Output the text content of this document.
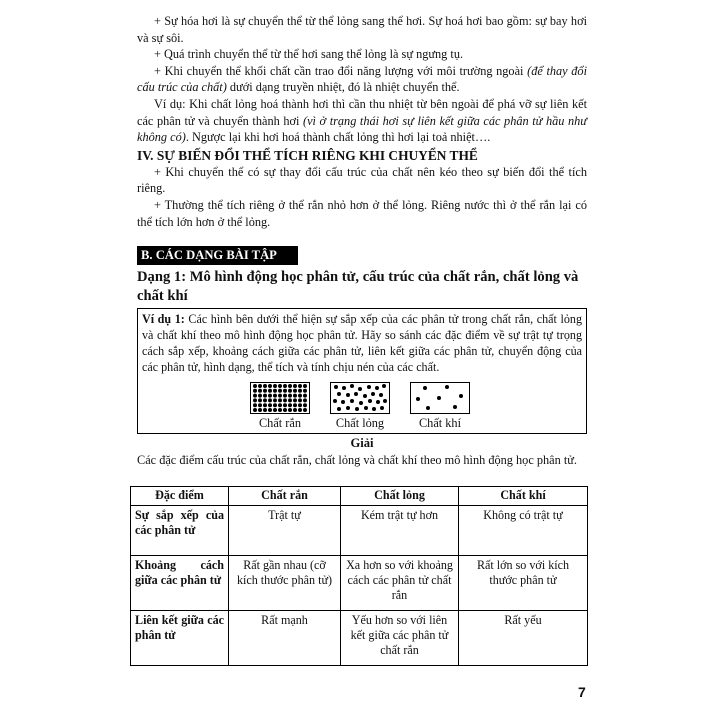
+ Sự hóa hơi là sự chuyển thể từ thể lỏng sang thể hơi. Sự hoá hơi bao gồm: sự bay hơi và sự sôi.

+ Quá trình chuyển thể từ thể hơi sang thể lỏng là sự ngưng tụ.

+ Khi chuyển thể khối chất cần trao đổi năng lượng với môi trường ngoài (để thay đổi cấu trúc của chất) dưới dạng truyền nhiệt, đó là nhiệt chuyển thể.

Ví dụ: Khi chất lỏng hoá thành hơi thì cần thu nhiệt từ bên ngoài để phá vỡ sự liên kết các phân tử và chuyển thành hơi (vì ở trạng thái hơi sự liên kết giữa các phân tử hầu như không có). Ngược lại khi hơi hoá thành chất lỏng thì hơi lại toả nhiệt….

IV. SỰ BIẾN ĐỔI THỂ TÍCH RIÊNG KHI CHUYỂN THỂ

+ Khi chuyển thể có sự thay đổi cấu trúc của chất nên kéo theo sự biến đổi thể tích riêng.

+ Thường thể tích riêng ở thể rắn nhỏ hơn ở thể lỏng. Riêng nước thì ở thể rắn lại có thể tích lớn hơn ở thể lỏng.

B. CÁC DẠNG BÀI TẬP
Dạng 1: Mô hình động học phân tử, cấu trúc của chất rắn, chất lỏng và chất khí

Ví dụ 1: Các hình bên dưới thể hiện sự sắp xếp của các phân tử trong chất rắn, chất lỏng và chất khí theo mô hình động học phân tử. Hãy so sánh các đặc điểm về sự trật tự trọng cách sắp xếp, khoảng cách giữa các phân tử, liên kết giữa các phân tử, chuyển động của các phân tử, hình dạng, thể tích và tính chịu nén của các chất.

Chất rắn	Chất lỏng	Chất khí
Giải

Các đặc điểm cấu trúc của chất rắn, chất lỏng và chất khí theo mô hình động học phân tử.

Đặc điểm	Chất rắn	Chất lỏng	Chất khí
Sự sắp xếp của các phân tử	Trật tự	Kém trật tự hơn	Không có trật tự
Khoảng cách giữa các phân tử	Rất gần nhau (cỡ kích thước phân tử)	Xa hơn so với khoảng cách các phân tử chất rắn	Rất lớn so với kích thước phân tử
Liên kết giữa các phân tử	Rất mạnh	Yếu hơn so với liên kết giữa các phân tử chất rắn	Rất yếu
7
